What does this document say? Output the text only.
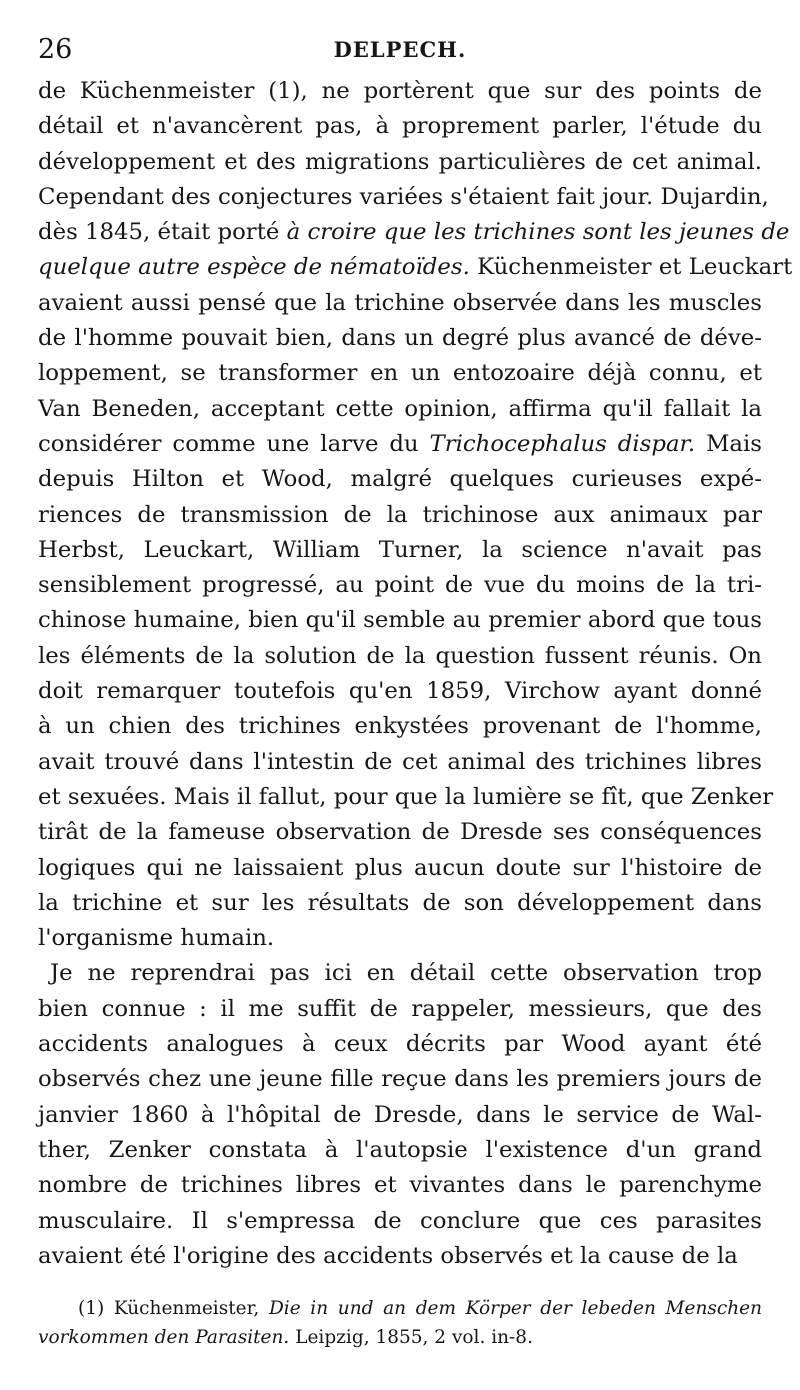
26	DELPECH.
de Küchenmeister (1), ne portèrent que sur des points de
détail et n'avancèrent pas, à proprement parler, l'étude du
développement et des migrations particulières de cet animal.
Cependant des conjectures variées s'étaient fait jour. Dujardin,
dès 1845, était porté à croire que les trichines sont les jeunes de
quelque autre espèce de nématoïdes. Küchenmeister et Leuckart
avaient aussi pensé que la trichine observée dans les muscles
de l'homme pouvait bien, dans un degré plus avancé de déve-
loppement, se transformer en un entozoaire déjà connu, et
Van Beneden, acceptant cette opinion, affirma qu'il fallait la
considérer comme une larve du Trichocephalus dispar. Mais
depuis Hilton et Wood, malgré quelques curieuses expé-
riences de transmission de la trichinose aux animaux par
Herbst, Leuckart, William Turner, la science n'avait pas
sensiblement progressé, au point de vue du moins de la tri-
chinose humaine, bien qu'il semble au premier abord que tous
les éléments de la solution de la question fussent réunis. On
doit remarquer toutefois qu'en 1859, Virchow ayant donné
à un chien des trichines enkystées provenant de l'homme,
avait trouvé dans l'intestin de cet animal des trichines libres
et sexuées. Mais il fallut, pour que la lumière se fît, que Zenker
tirât de la fameuse observation de Dresde ses conséquences
logiques qui ne laissaient plus aucun doute sur l'histoire de
la trichine et sur les résultats de son développement dans
l'organisme humain.
Je ne reprendrai pas ici en détail cette observation trop
bien connue : il me suffit de rappeler, messieurs, que des
accidents analogues à ceux décrits par Wood ayant été
observés chez une jeune fille reçue dans les premiers jours de
janvier 1860 à l'hôpital de Dresde, dans le service de Wal-
ther, Zenker constata à l'autopsie l'existence d'un grand
nombre de trichines libres et vivantes dans le parenchyme
musculaire. Il s'empressa de conclure que ces parasites
avaient été l'origine des accidents observés et la cause de la
(1) Küchenmeister, Die in und an dem Körper der lebeden Menschen
vorkommen den Parasiten. Leipzig, 1855, 2 vol. in-8.
